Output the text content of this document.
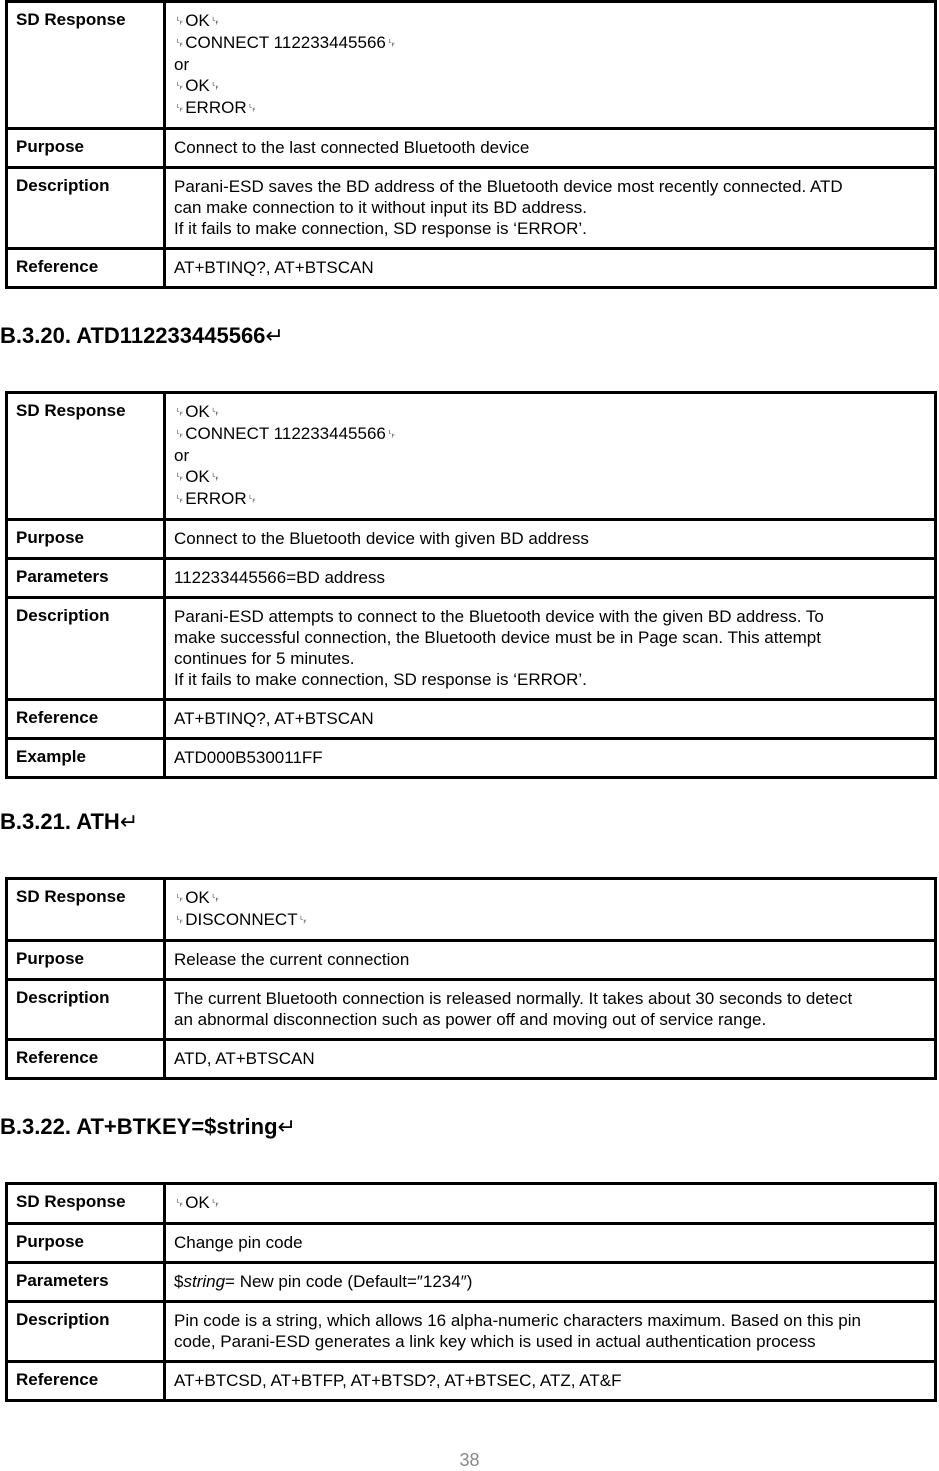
SD Response	␊OK␊
␊CONNECT 112233445566␊
or
␊OK␊
␊ERROR␊

Purpose	Connect to the last connected Bluetooth device
Description	Parani-ESD saves the BD address of the Bluetooth device most recently connected. ATD
can make connection to it without input its BD address.
If it fails to make connection, SD response is ‘ERROR’.

Reference	AT+BTINQ?, AT+BTSCAN
B.3.20. ATD112233445566↵
SD Response	␊OK␊
␊CONNECT 112233445566␊
or
␊OK␊
␊ERROR␊

Purpose	Connect to the Bluetooth device with given BD address
Parameters	112233445566=BD address
Description	Parani-ESD attempts to connect to the Bluetooth device with the given BD address. To
make successful connection, the Bluetooth device must be in Page scan. This attempt
continues for 5 minutes.
If it fails to make connection, SD response is ‘ERROR’.

Reference	AT+BTINQ?, AT+BTSCAN
Example	ATD000B530011FF
B.3.21. ATH↵
SD Response	␊OK␊
␊DISCONNECT␊

Purpose	Release the current connection
Description	The current Bluetooth connection is released normally. It takes about 30 seconds to detect
an abnormal disconnection such as power off and moving out of service range.

Reference	ATD, AT+BTSCAN
B.3.22. AT+BTKEY=$string↵
SD Response	␊OK␊

Purpose	Change pin code
Parameters	$string= New pin code (Default=″1234″)
Description	Pin code is a string, which allows 16 alpha-numeric characters maximum. Based on this pin
code, Parani-ESD generates a link key which is used in actual authentication process

Reference	AT+BTCSD, AT+BTFP, AT+BTSD?, AT+BTSEC, ATZ, AT&F
38
